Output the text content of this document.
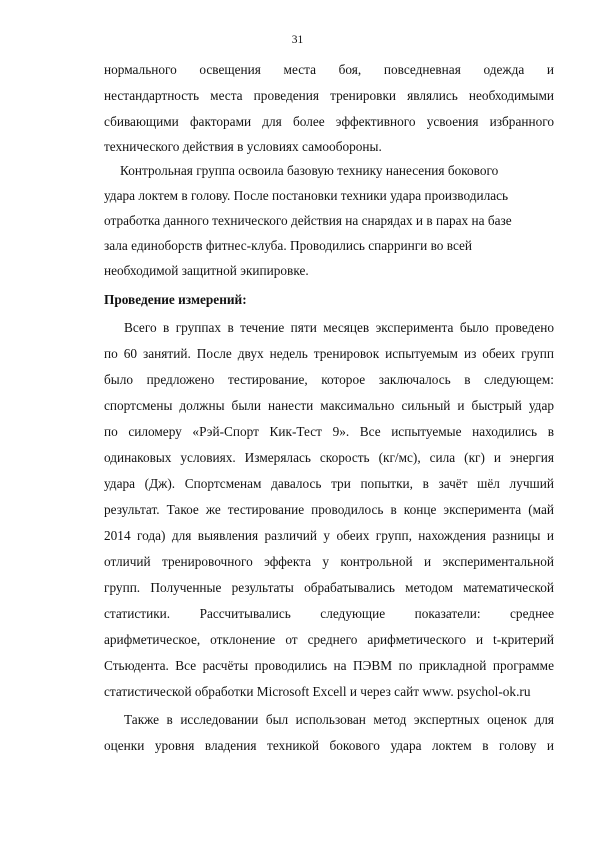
31
нормального освещения места боя, повседневная одежда и
нестандартность места проведения тренировки являлись необходимыми
сбивающими факторами для более эффективного усвоения избранного
технического действия в условиях самообороны.
Контрольная группа освоила базовую технику нанесения бокового
удара локтем в голову. После постановки техники удара производилась
отработка данного технического действия на снарядах и в парах на базе
зала единоборств фитнес-клуба. Проводились спарринги во всей
необходимой защитной экипировке.
Проведение измерений:
Всего в группах в течение пяти месяцев эксперимента было проведено
по 60 занятий. После двух недель тренировок испытуемым из обеих групп
было предложено тестирование, которое заключалось в следующем:
спортсмены должны были нанести максимально сильный и быстрый удар
по силомеру «Рэй-Спорт Кик-Тест 9». Все испытуемые находились в
одинаковых условиях. Измерялась скорость (кг/мс), сила (кг) и энергия
удара (Дж). Спортсменам давалось три попытки, в зачёт шёл лучший
результат. Такое же тестирование проводилось в конце эксперимента (май
2014 года) для выявления различий у обеих групп, нахождения разницы и
отличий тренировочного эффекта у контрольной и экспериментальной
групп. Полученные результаты обрабатывались методом математической
статистики. Рассчитывались следующие показатели: среднее
арифметическое, отклонение от среднего арифметического и t-критерий
Стьюдента. Все расчёты проводились на ПЭВМ по прикладной программе
статистической обработки Microsoft Excell и через сайт www. psychol-ok.ru
Также в исследовании был использован метод экспертных оценок для
оценки уровня владения техникой бокового удара локтем в голову и
